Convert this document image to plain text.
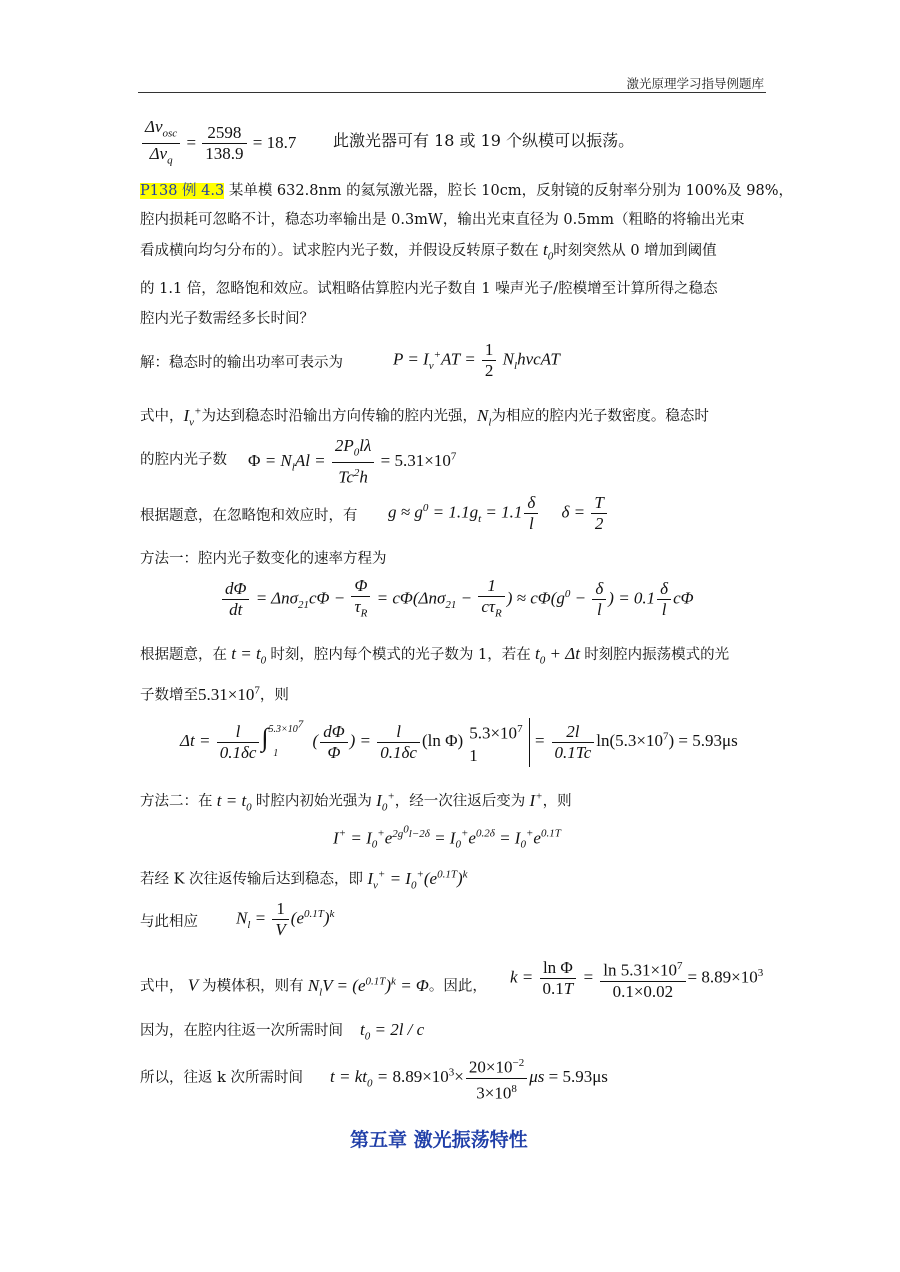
激光原理学习指导例题库
$\frac{\Delta\nu_{osc}}{\Delta\nu_q} = \frac{2598}{138.9} = 18.7$ 此激光器可有 18 或 19 个纵模可以振荡。
P138 例 4.3 某单模 632.8nm 的氦氖激光器，腔长 10cm，反射镜的反射率分别为 100%及 98%，
腔内损耗可忽略不计，稳态功率输出是 0.3mW，输出光束直径为 0.5mm（粗略的将输出光束
看成横向均匀分布的）。试求腔内光子数，并假设反转原子数在 $t_0$时刻突然从 0 增加到阈值
的 1.1 倍，忽略饱和效应。试粗略估算腔内光子数自 1 噪声光子/腔模增至计算所得之稳态
腔内光子数需经多长时间？
解：稳态时的输出功率可表示为	$P = I_\nu^+AT = \frac{1}{2} N_lh\nu cAT$
式中，$I_\nu^+$为达到稳态时沿输出方向传输的腔内光强，$N_l$为相应的腔内光子数密度。稳态时
的腔内光子数 $\Phi = N_lAl = \frac{2P_0l\lambda}{Tc^2h} = 5.31\times 10^7$
根据题意，在忽略饱和效应时，有 $g \approx g^0 = 1.1g_t = 1.1 \frac{\delta}{l}$ $\delta = \frac{T}{2}$
方法一：腔内光子数变化的速率方程为
$\frac{d\Phi}{dt} = \Delta n\sigma_{21}c\Phi - \frac{\Phi}{\tau_R} = c\Phi(\Delta n\sigma_{21} - \frac{1}{c\tau_R}$ ) ≈ $c\Phi(g^0 - \frac{\delta}{l}$ ) = $0.1 \frac{\delta}{l}$ cΦ
根据题意，在 $t = t_0$ 时刻，腔内每个模式的光子数为 1，若在 $t_0 + \Delta t$ 时刻腔内振荡模式的光
子数增至$5.31\times 10^7$，则
$\Delta t = \frac{l}{0.1\delta c} \int^{5.3\times 10^7}_1$ ( $\frac{d\Phi}{\Phi}$ ) = $\frac{l}{0.1\delta c} (\ln$ Φ) $5.3\times 10^7$
1
= $\frac{2l}{0.1Tc} \ln(5.3\times 10^7) = 5.93\mu s$
方法二：在 $t = t_0$ 时腔内初始光强为 $I_0^+$，经一次往返后变为 I+，则
$I^+ = I_0^+e^{2g^0l-2\delta} = I_0^+e^{0.2\delta} = I_0^+e^{0.1T}$
若经 K 次往返传输后达到稳态，即 $I_\nu^+ = I_0^+(e^{0.1T})^k$
与此相应 $N_l = \frac{1}{V} (e^{0.1T})^k$
式中， V 为模体积，则有 $N_lV = (e^{0.1T})^k = \Phi$。因此， $k = \frac{\text{ln Φ}}{0.1T} = \frac{\ln 5.31\times 10^7}{0.1\times 0.02} = 8.89\times 10^3$
因为，在腔内往返一次所需时间    $t_0 = 2l / c$
所以，往返 k 次所需时间 $t = kt_0 = 8.89\times 10^3\times \frac{20\times 10^{-2}}{3\times 10^8}$ μs = 5.93μs
第五章 激光振荡特性
